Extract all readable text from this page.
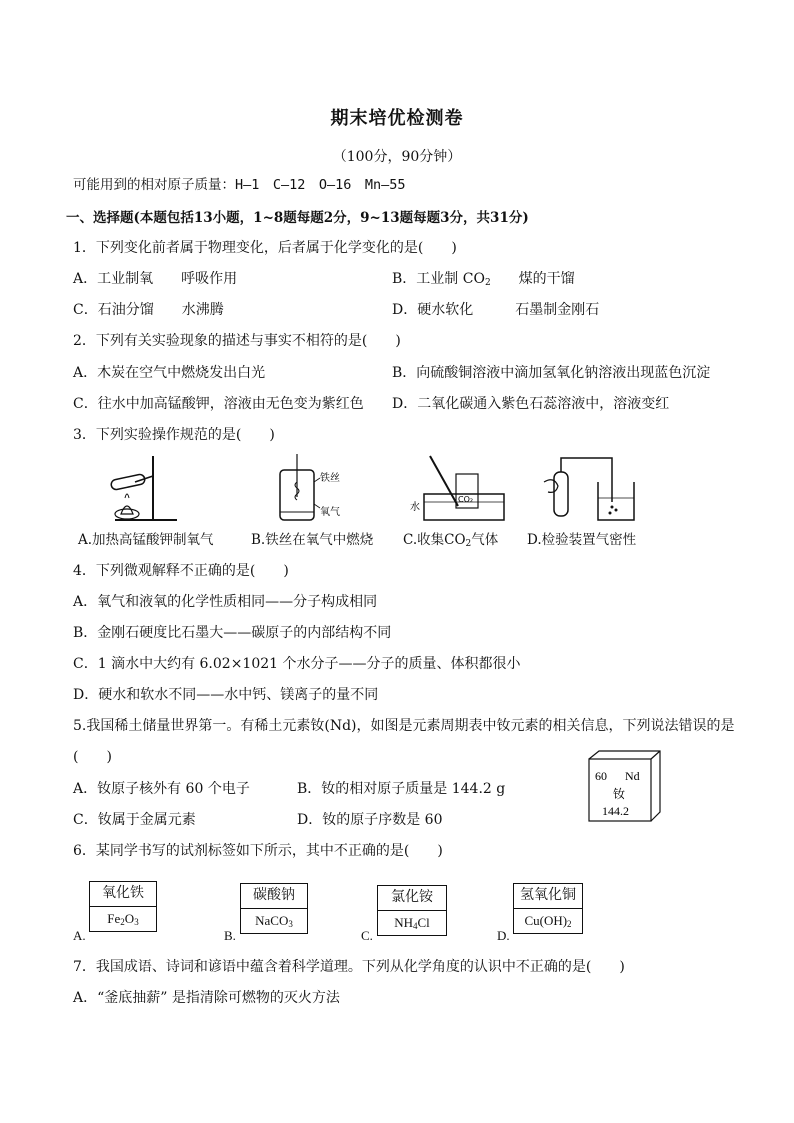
期末培优检测卷
（100分，90分钟）
可能用到的相对原子质量：H—1　C—12　O—16　Mn—55
一、选择题(本题包括13小题，1~8题每题2分，9~13题每题3分，共31分)
1．下列变化前者属于物理变化，后者属于化学变化的是(　　)
A．工业制氧　　呼吸作用	B．工业制 $CO_2$　　煤的干馏
C．石油分馏　　水沸腾	D．硬水软化　　　石墨制金刚石
2．下列有关实验现象的描述与事实不相符的是(　　)
A．木炭在空气中燃烧发出白光	B．向硫酸铜溶液中滴加氢氧化钠溶液出现蓝色沉淀
C．往水中加高锰酸钾，溶液由无色变为紫红色 D．二氧化碳通入紫色石蕊溶液中，溶液变红
3．下列实验操作规范的是(　　)
A.加热高锰酸钾制氧气
铁丝
氧气
B.铁丝在氧气中燃烧
水
CO₂
C.收集$CO_2$气体 D.检验装置气密性
4．下列微观解释不正确的是(　　)
A．氧气和液氧的化学性质相同——分子构成相同
B．金刚石硬度比石墨大——碳原子的内部结构不同
C．1 滴水中大约有 6.02×1021 个水分子——分子的质量、体积都很小
D．硬水和软水不同——水中钙、镁离子的量不同
5.我国稀土储量世界第一。有稀土元素钕(Nd)，如图是元素周期表中钕元素的相关信息，下列说法错误的是
(　　)
A．钕原子核外有 60 个电子	B．钕的相对原子质量是 144.2 g
C．钕属于金属元素	D．钕的原子序数是 60
60 Nd
钕
144.2
6．某同学书写的试剂标签如下所示，其中不正确的是(　　)
A.
氧化铁
$Fe_2O_3$
B.
碳酸钠
NaCO$_3$
C.
氯化铵
$NH_4Cl$
D.
氢氧化铜
$Cu(OH)_2$
7．我国成语、诗词和谚语中蕴含着科学道理。下列从化学角度的认识中不正确的是(　　)
A．“釜底抽薪” 是指清除可燃物的灭火方法
